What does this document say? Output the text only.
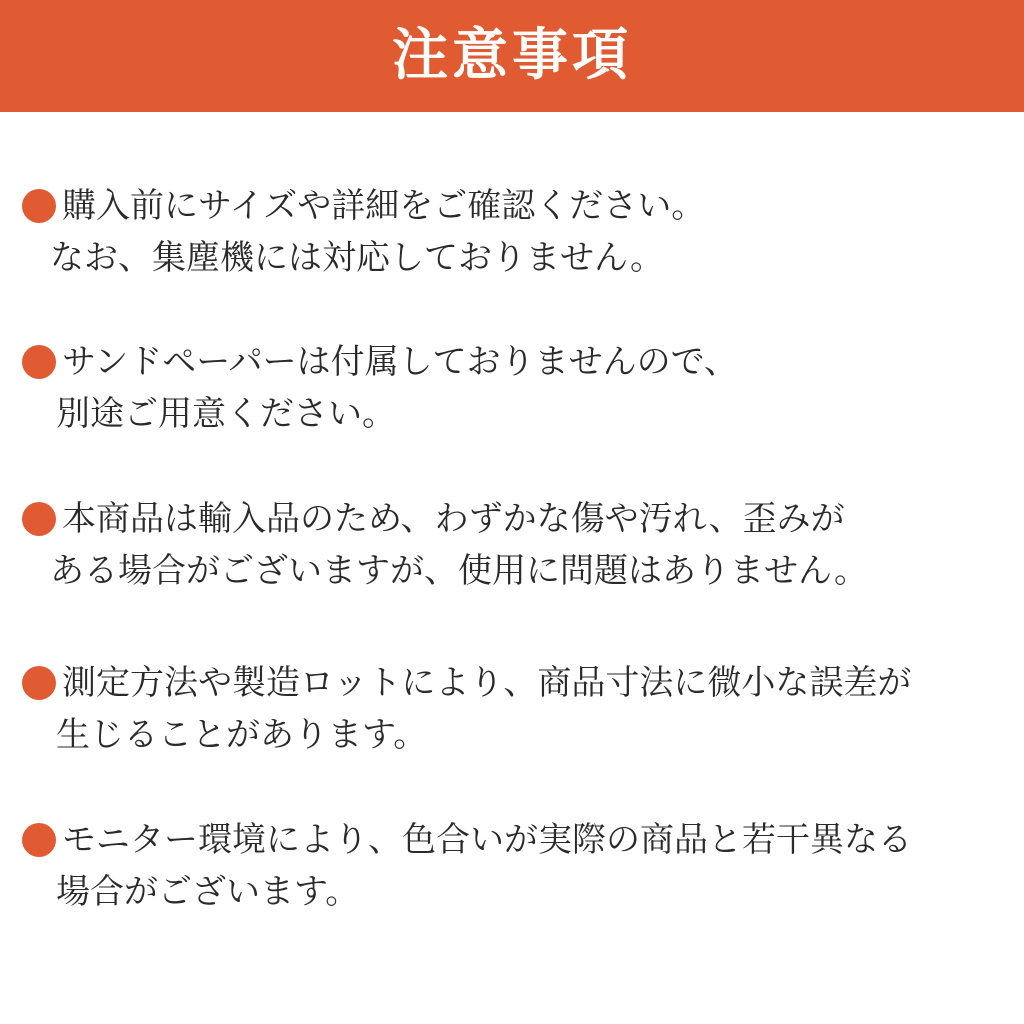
注意事項
購入前にサイズや詳細をご確認ください。
なお、集塵機には対応しておりません。
サンドペーパーは付属しておりませんので、
別途ご用意ください。
本商品は輸入品のため、わずかな傷や汚れ、歪みが
ある場合がございますが、使用に問題はありません。
測定方法や製造ロットにより、商品寸法に微小な誤差が
生じることがあります。
モニター環境により、色合いが実際の商品と若干異なる
場合がございます。
